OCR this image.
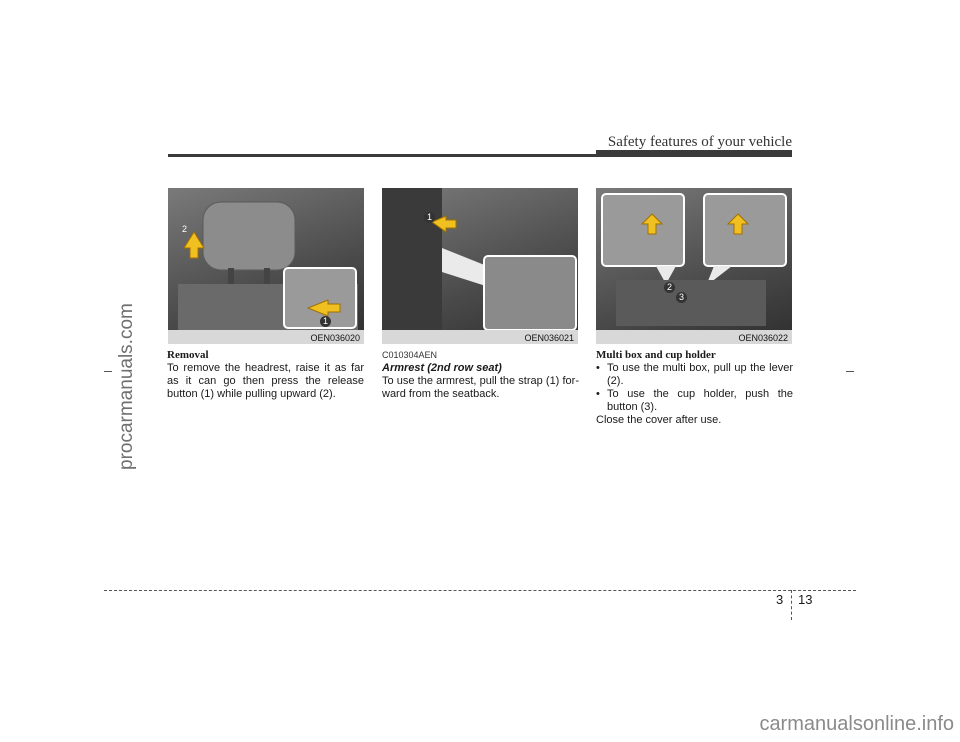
Safety features of your vehicle
procarmanuals.com
2
1
OEN036020
Removal
To remove the headrest, raise it as far as it can go then press the release button (1) while pulling upward (2).
1
OEN036021
C010304AEN
Armrest (2nd row seat)
To use the armrest, pull the strap (1) for-ward from the seatback.
2
3
OEN036022
Multi box and cup holder
• To use the multi box, pull up the lever (2).
• To use the cup holder, push the button (3).
Close the cover after use.
3 13
carmanualsonline.info
